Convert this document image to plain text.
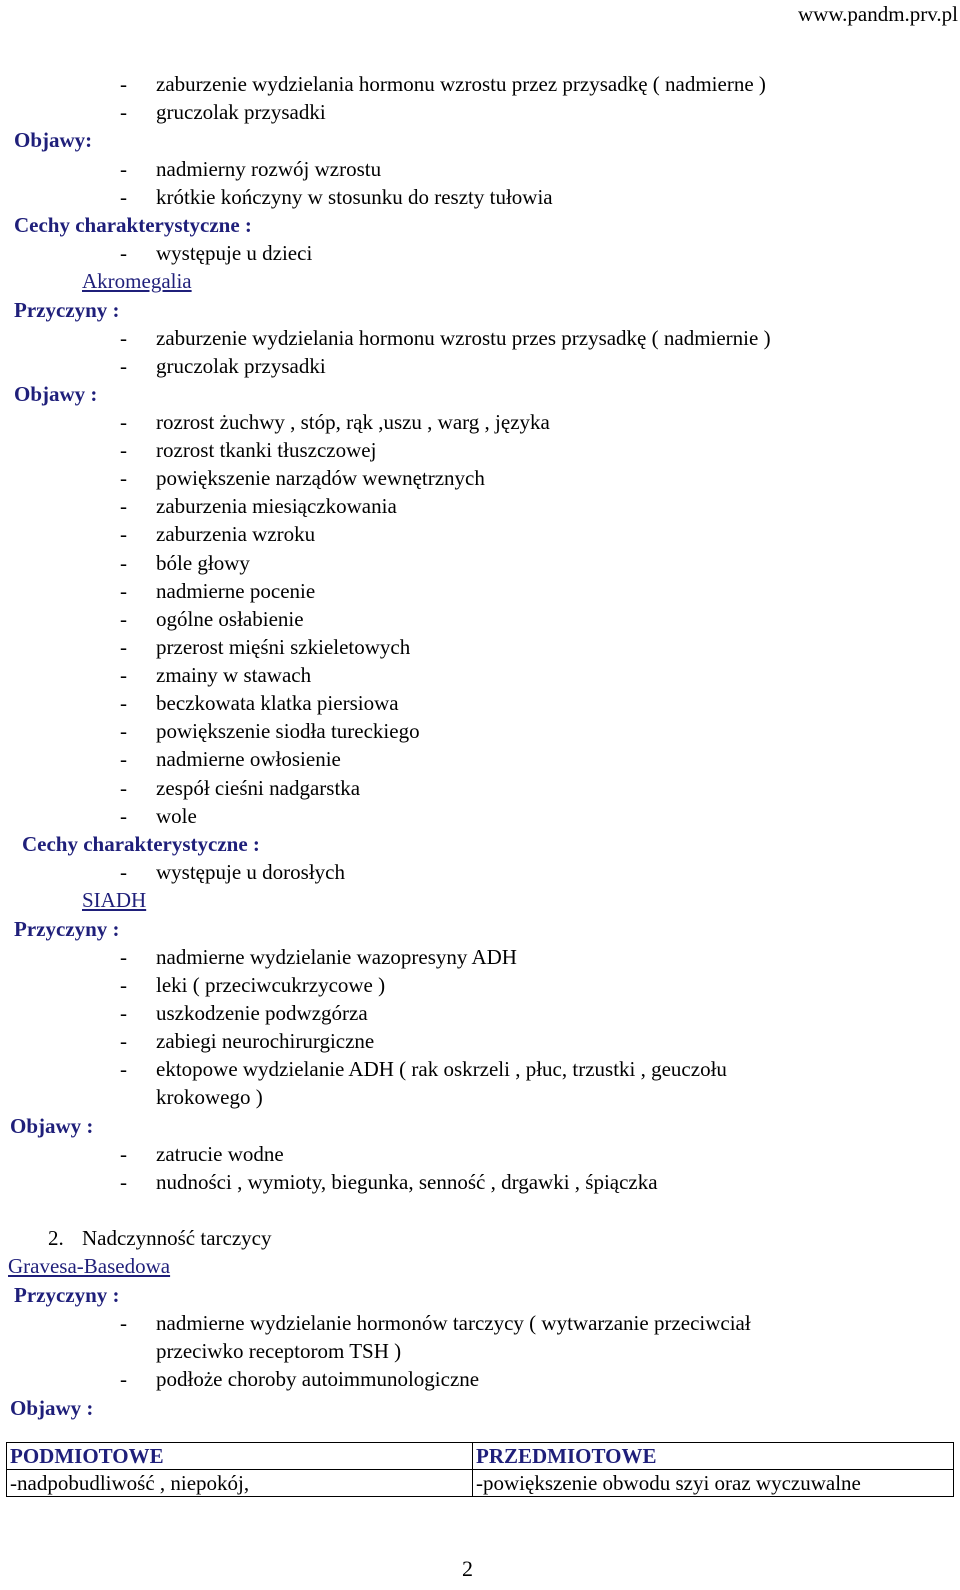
www.pandm.prv.pl
- zaburzenie wydzielania hormonu wzrostu przez przysadkę ( nadmierne )
- gruczolak przysadki
Objawy:
- nadmierny rozwój wzrostu
- krótkie kończyny w stosunku do reszty tułowia
Cechy charakterystyczne :
- występuje u dzieci
Akromegalia
Przyczyny :
- zaburzenie wydzielania hormonu wzrostu przes przysadkę ( nadmiernie )
- gruczolak przysadki
Objawy :
- rozrost żuchwy , stóp, rąk ,uszu , warg , języka
- rozrost tkanki tłuszczowej
- powiększenie narządów wewnętrznych
- zaburzenia miesiączkowania
- zaburzenia wzroku
- bóle głowy
- nadmierne pocenie
- ogólne osłabienie
- przerost mięśni szkieletowych
- zmainy w stawach
- beczkowata klatka piersiowa
- powiększenie siodła tureckiego
- nadmierne owłosienie
- zespół cieśni nadgarstka
- wole
Cechy charakterystyczne :
- występuje u dorosłych
SIADH
Przyczyny :
- nadmierne wydzielanie wazopresyny ADH
- leki ( przeciwcukrzycowe )
- uszkodzenie podwzgórza
- zabiegi neurochirurgiczne
- ektopowe wydzielanie ADH ( rak oskrzeli , płuc, trzustki , geuczołu
krokowego )
Objawy :
- zatrucie wodne
- nudności , wymioty, biegunka, senność , drgawki , śpiączka
2. Nadczynność tarczycy
Gravesa-Basedowa
Przyczyny :
- nadmierne wydzielanie hormonów tarczycy ( wytwarzanie przeciwciał
przeciwko receptorom TSH )
- podłoże choroby autoimmunologiczne
Objawy :
PODMIOTOWE	PRZEDMIOTOWE
-nadpobudliwość , niepokój,	-powiększenie obwodu szyi oraz wyczuwalne
2
